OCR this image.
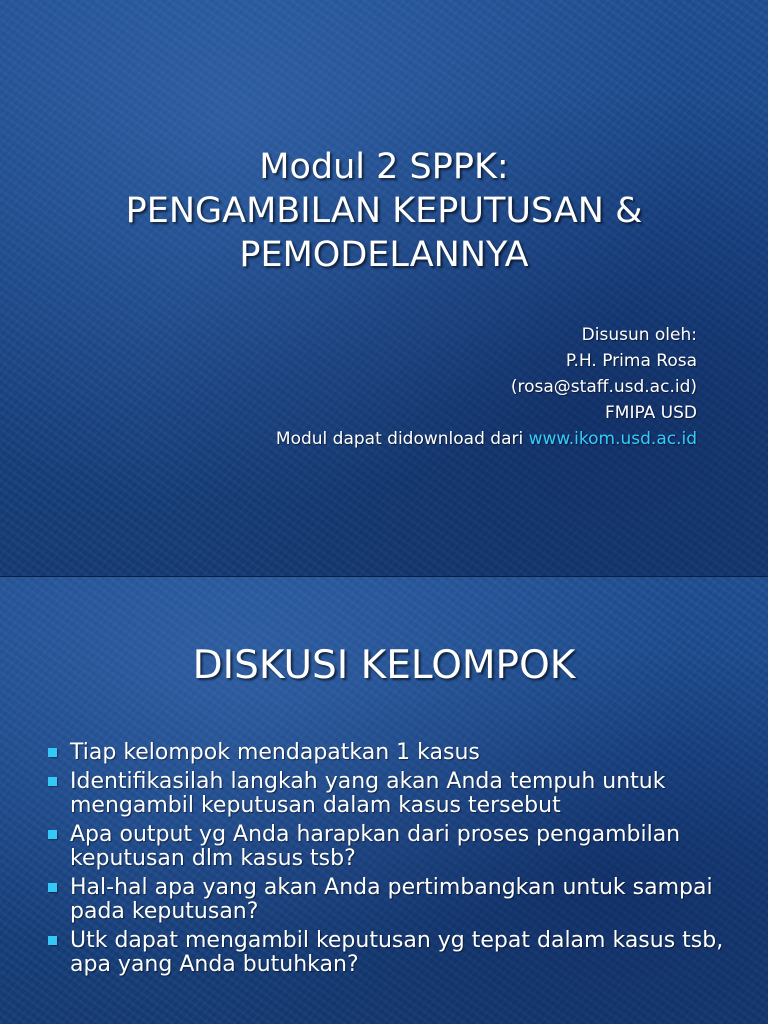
Modul 2 SPPK:
PENGAMBILAN KEPUTUSAN &
PEMODELANNYA
Disusun oleh:
P.H. Prima Rosa
(rosa@staff.usd.ac.id)
FMIPA USD
Modul dapat didownload dari www.ikom.usd.ac.id
DISKUSI KELOMPOK
Tiap kelompok mendapatkan 1 kasus
Identifikasilah langkah yang akan Anda tempuh untuk mengambil keputusan dalam kasus tersebut
Apa output yg Anda harapkan dari proses pengambilan keputusan dlm kasus tsb?
Hal-hal apa yang akan Anda pertimbangkan untuk sampai pada keputusan?
Utk dapat mengambil keputusan yg tepat dalam kasus tsb, apa yang Anda butuhkan?
